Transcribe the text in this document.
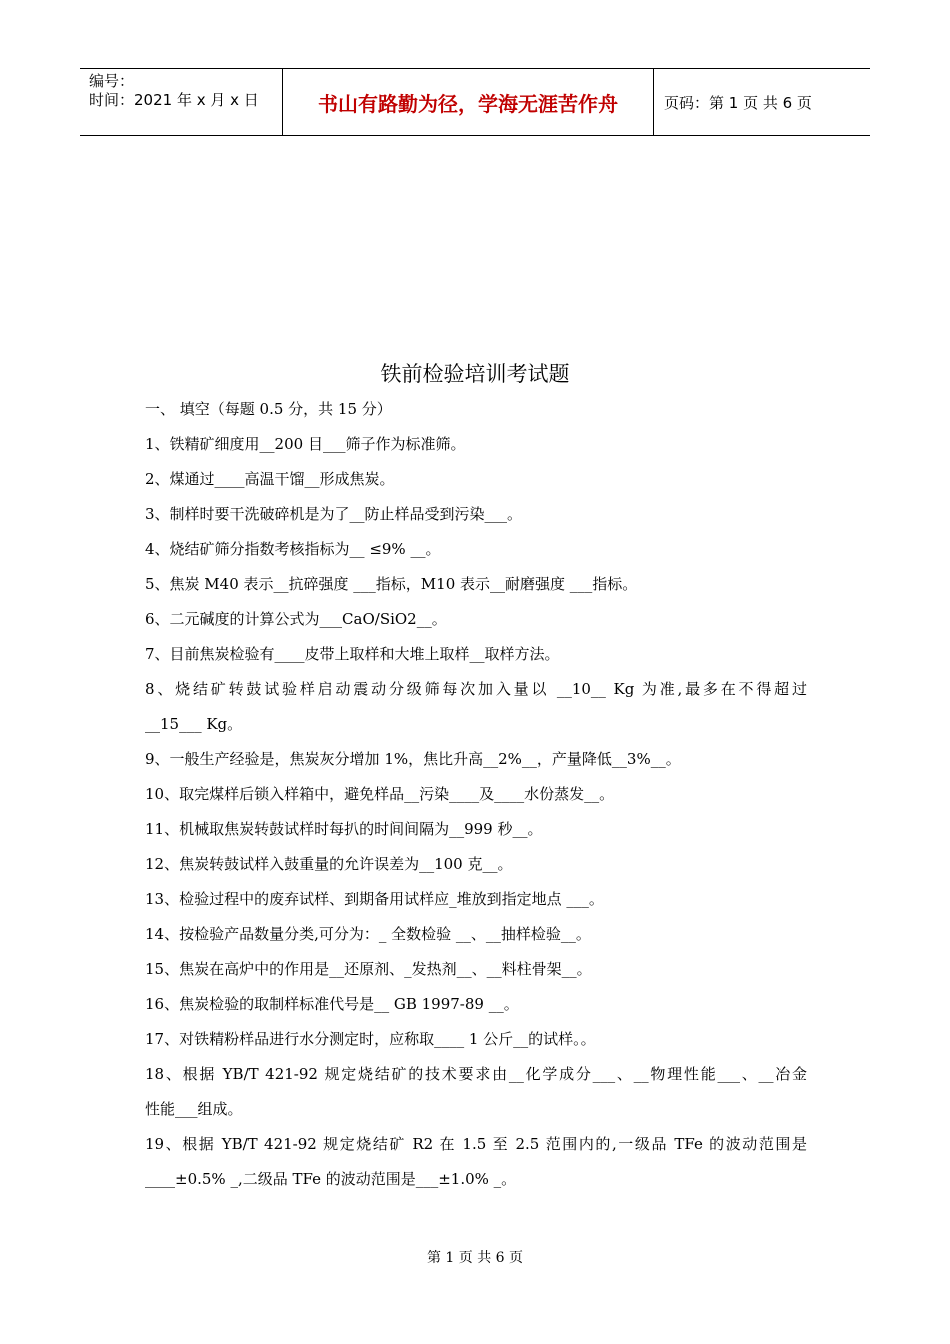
编号：
时间：2021 年 x 月 x 日	书山有路勤为径，学海无涯苦作舟	页码：第 1 页 共 6 页
铁前检验培训考试题
一、 填空（每题 0.5 分，共 15 分）
1、铁精矿细度用__200 目___筛子作为标准筛。
2、煤通过____高温干馏__形成焦炭。
3、制样时要干洗破碎机是为了__防止样品受到污染___。
4、烧结矿筛分指数考核指标为__ ≤9% __。
5、焦炭 M40 表示__抗碎强度 ___指标，M10 表示__耐磨强度 ___指标。
6、二元碱度的计算公式为___CaO/SiO2__。
7、目前焦炭检验有____皮带上取样和大堆上取样__取样方法。
8、烧结矿转鼓试验样启动震动分级筛每次加入量以 __10__ Kg 为准,最多在不得超过
__15___ Kg。
9、一般生产经验是，焦炭灰分增加 1%，焦比升高__2%__，产量降低__3%__。
10、取完煤样后锁入样箱中，避免样品__污染____及____水份蒸发__。
11、机械取焦炭转鼓试样时每扒的时间间隔为__999 秒__。
12、焦炭转鼓试样入鼓重量的允许误差为__100 克__。
13、检验过程中的废弃试样、到期备用试样应_堆放到指定地点 ___。
14、按检验产品数量分类,可分为：_ 全数检验 __、__抽样检验__。
15、焦炭在高炉中的作用是__还原剂、_发热剂__、__料柱骨架__。
16、焦炭检验的取制样标准代号是__ GB 1997-89 __。
17、对铁精粉样品进行水分测定时，应称取____ 1 公斤__的试样。。
18、根据 YB/T 421-92 规定烧结矿的技术要求由__化学成分___、__物理性能___、__冶金
性能___组成。
19、根据 YB/T 421-92 规定烧结矿 R2 在 1.5 至 2.5 范围内的,一级品 TFe 的波动范围是
____±0.5% _,二级品 TFe 的波动范围是___±1.0% _。
第 1 页 共 6 页
